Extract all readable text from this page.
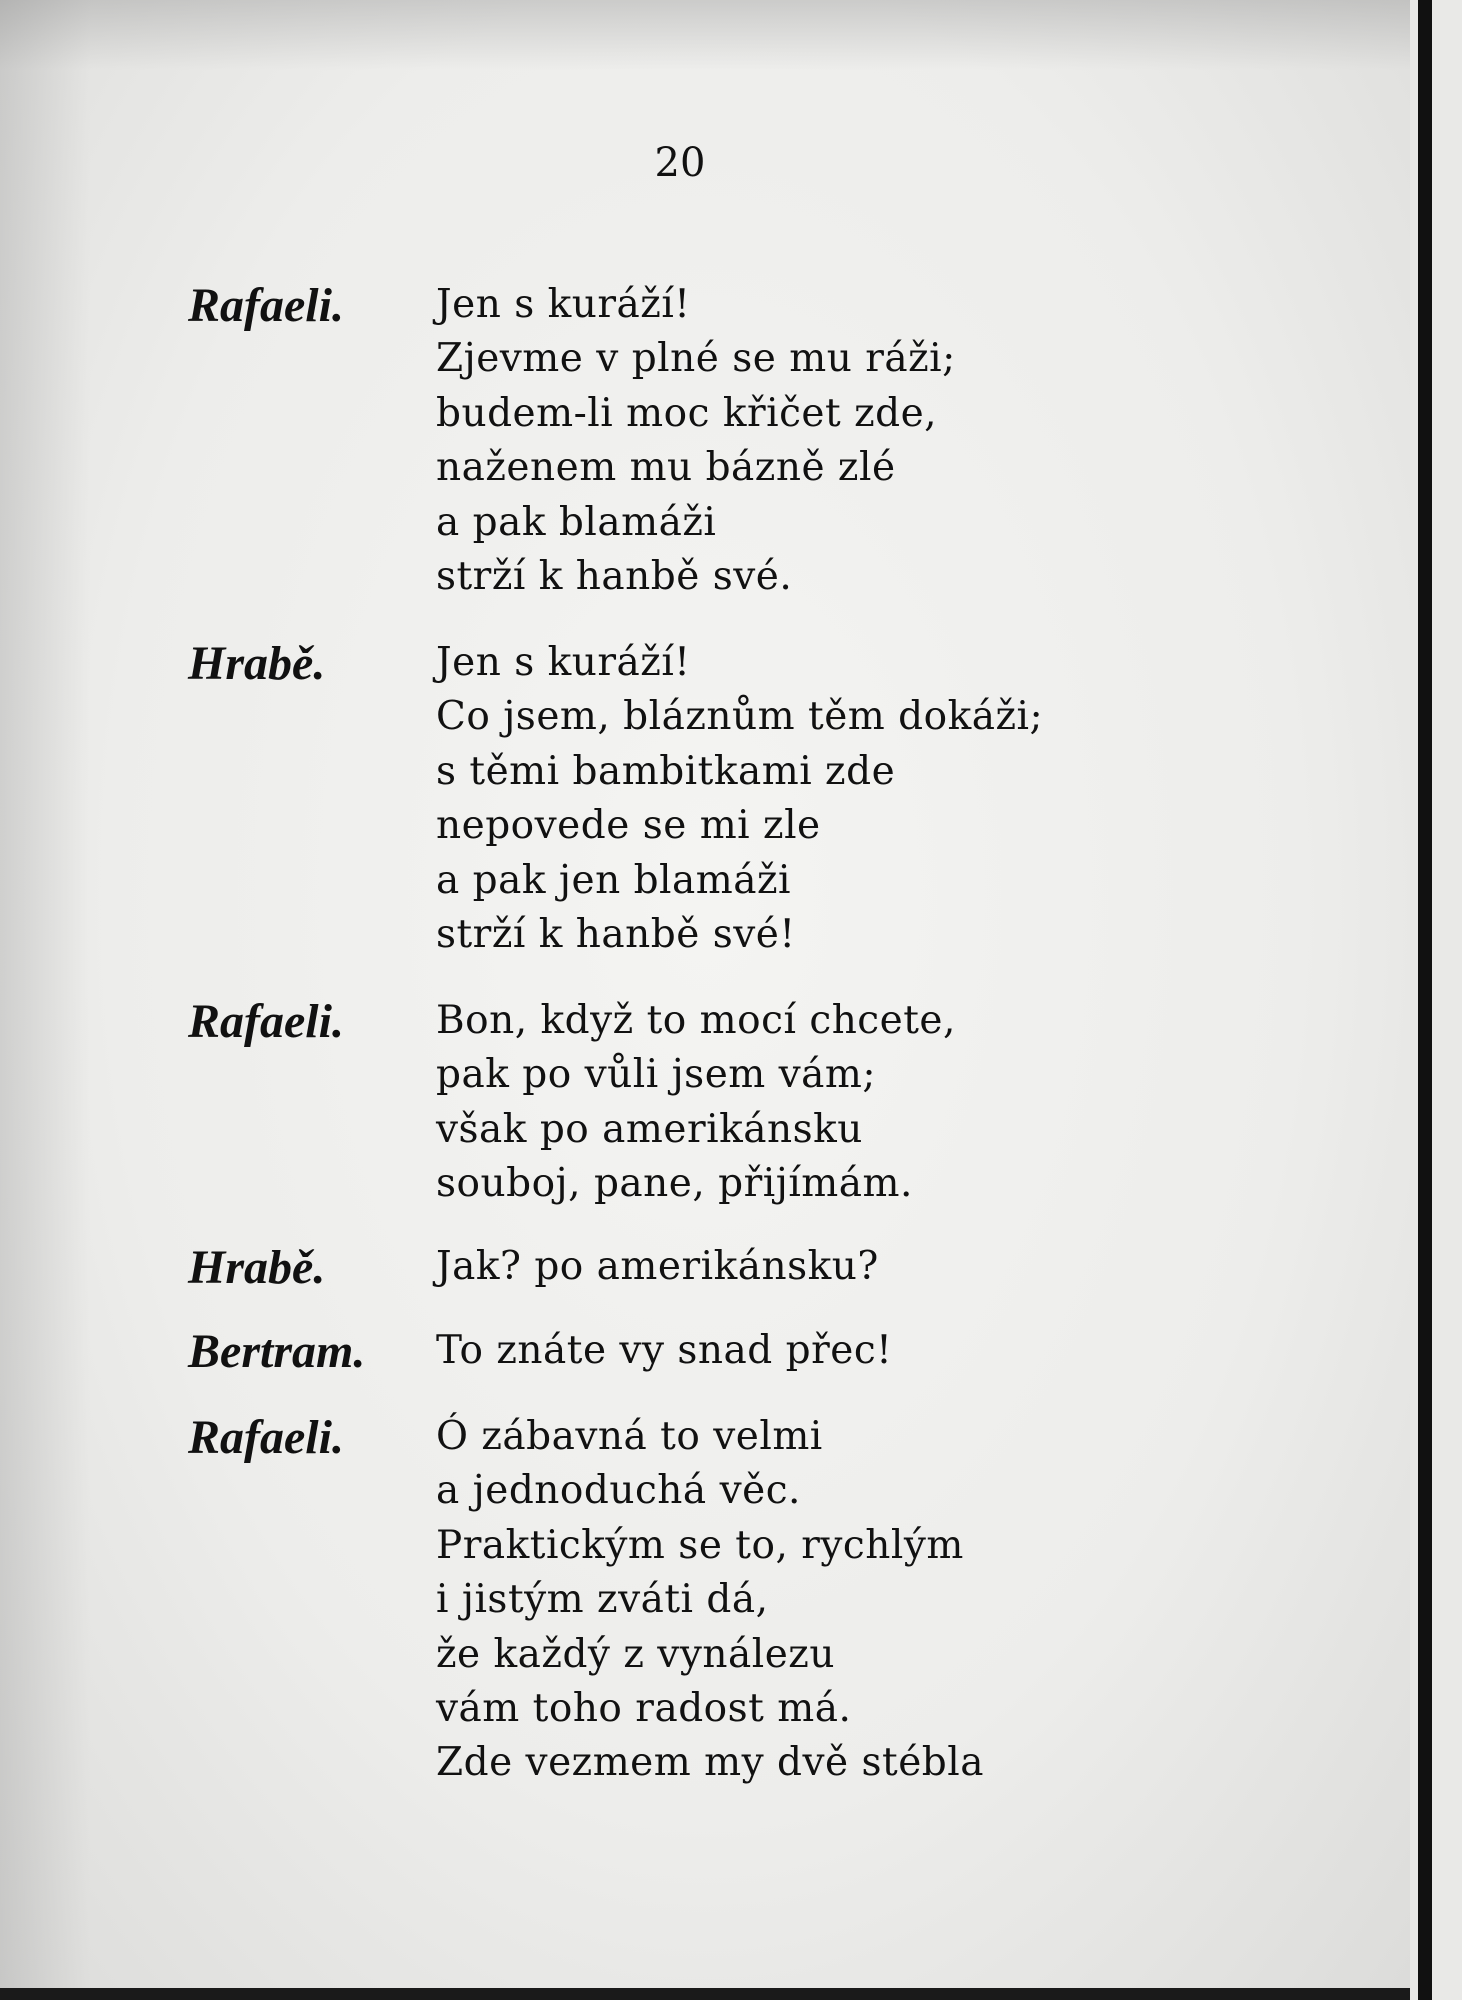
20
Rafaeli. Jen s kuráží!
Zjevme v plné se mu ráži;
budem-li moc křičet zde,
naženem mu bázně zlé
a pak blamáži
strží k hanbě své.
Hrabě.	Jen s kuráží!
Co jsem, bláznům těm dokáži;
s těmi bambitkami zde
nepovede se mi zle
a pak jen blamáži
strží k hanbě své!
Rafaeli. Bon, když to mocí chcete,
pak po vůli jsem vám;
však po amerikánsku
souboj, pane, přijímám.
Hrabě.	Jak? po amerikánsku?
Bertram. To znáte vy snad přec!
Rafaeli. Ó zábavná to velmi
a jednoduchá věc.
Praktickým se to, rychlým
i jistým zváti dá,
že každý z vynálezu
vám toho radost má.
Zde vezmem my dvě stébla
